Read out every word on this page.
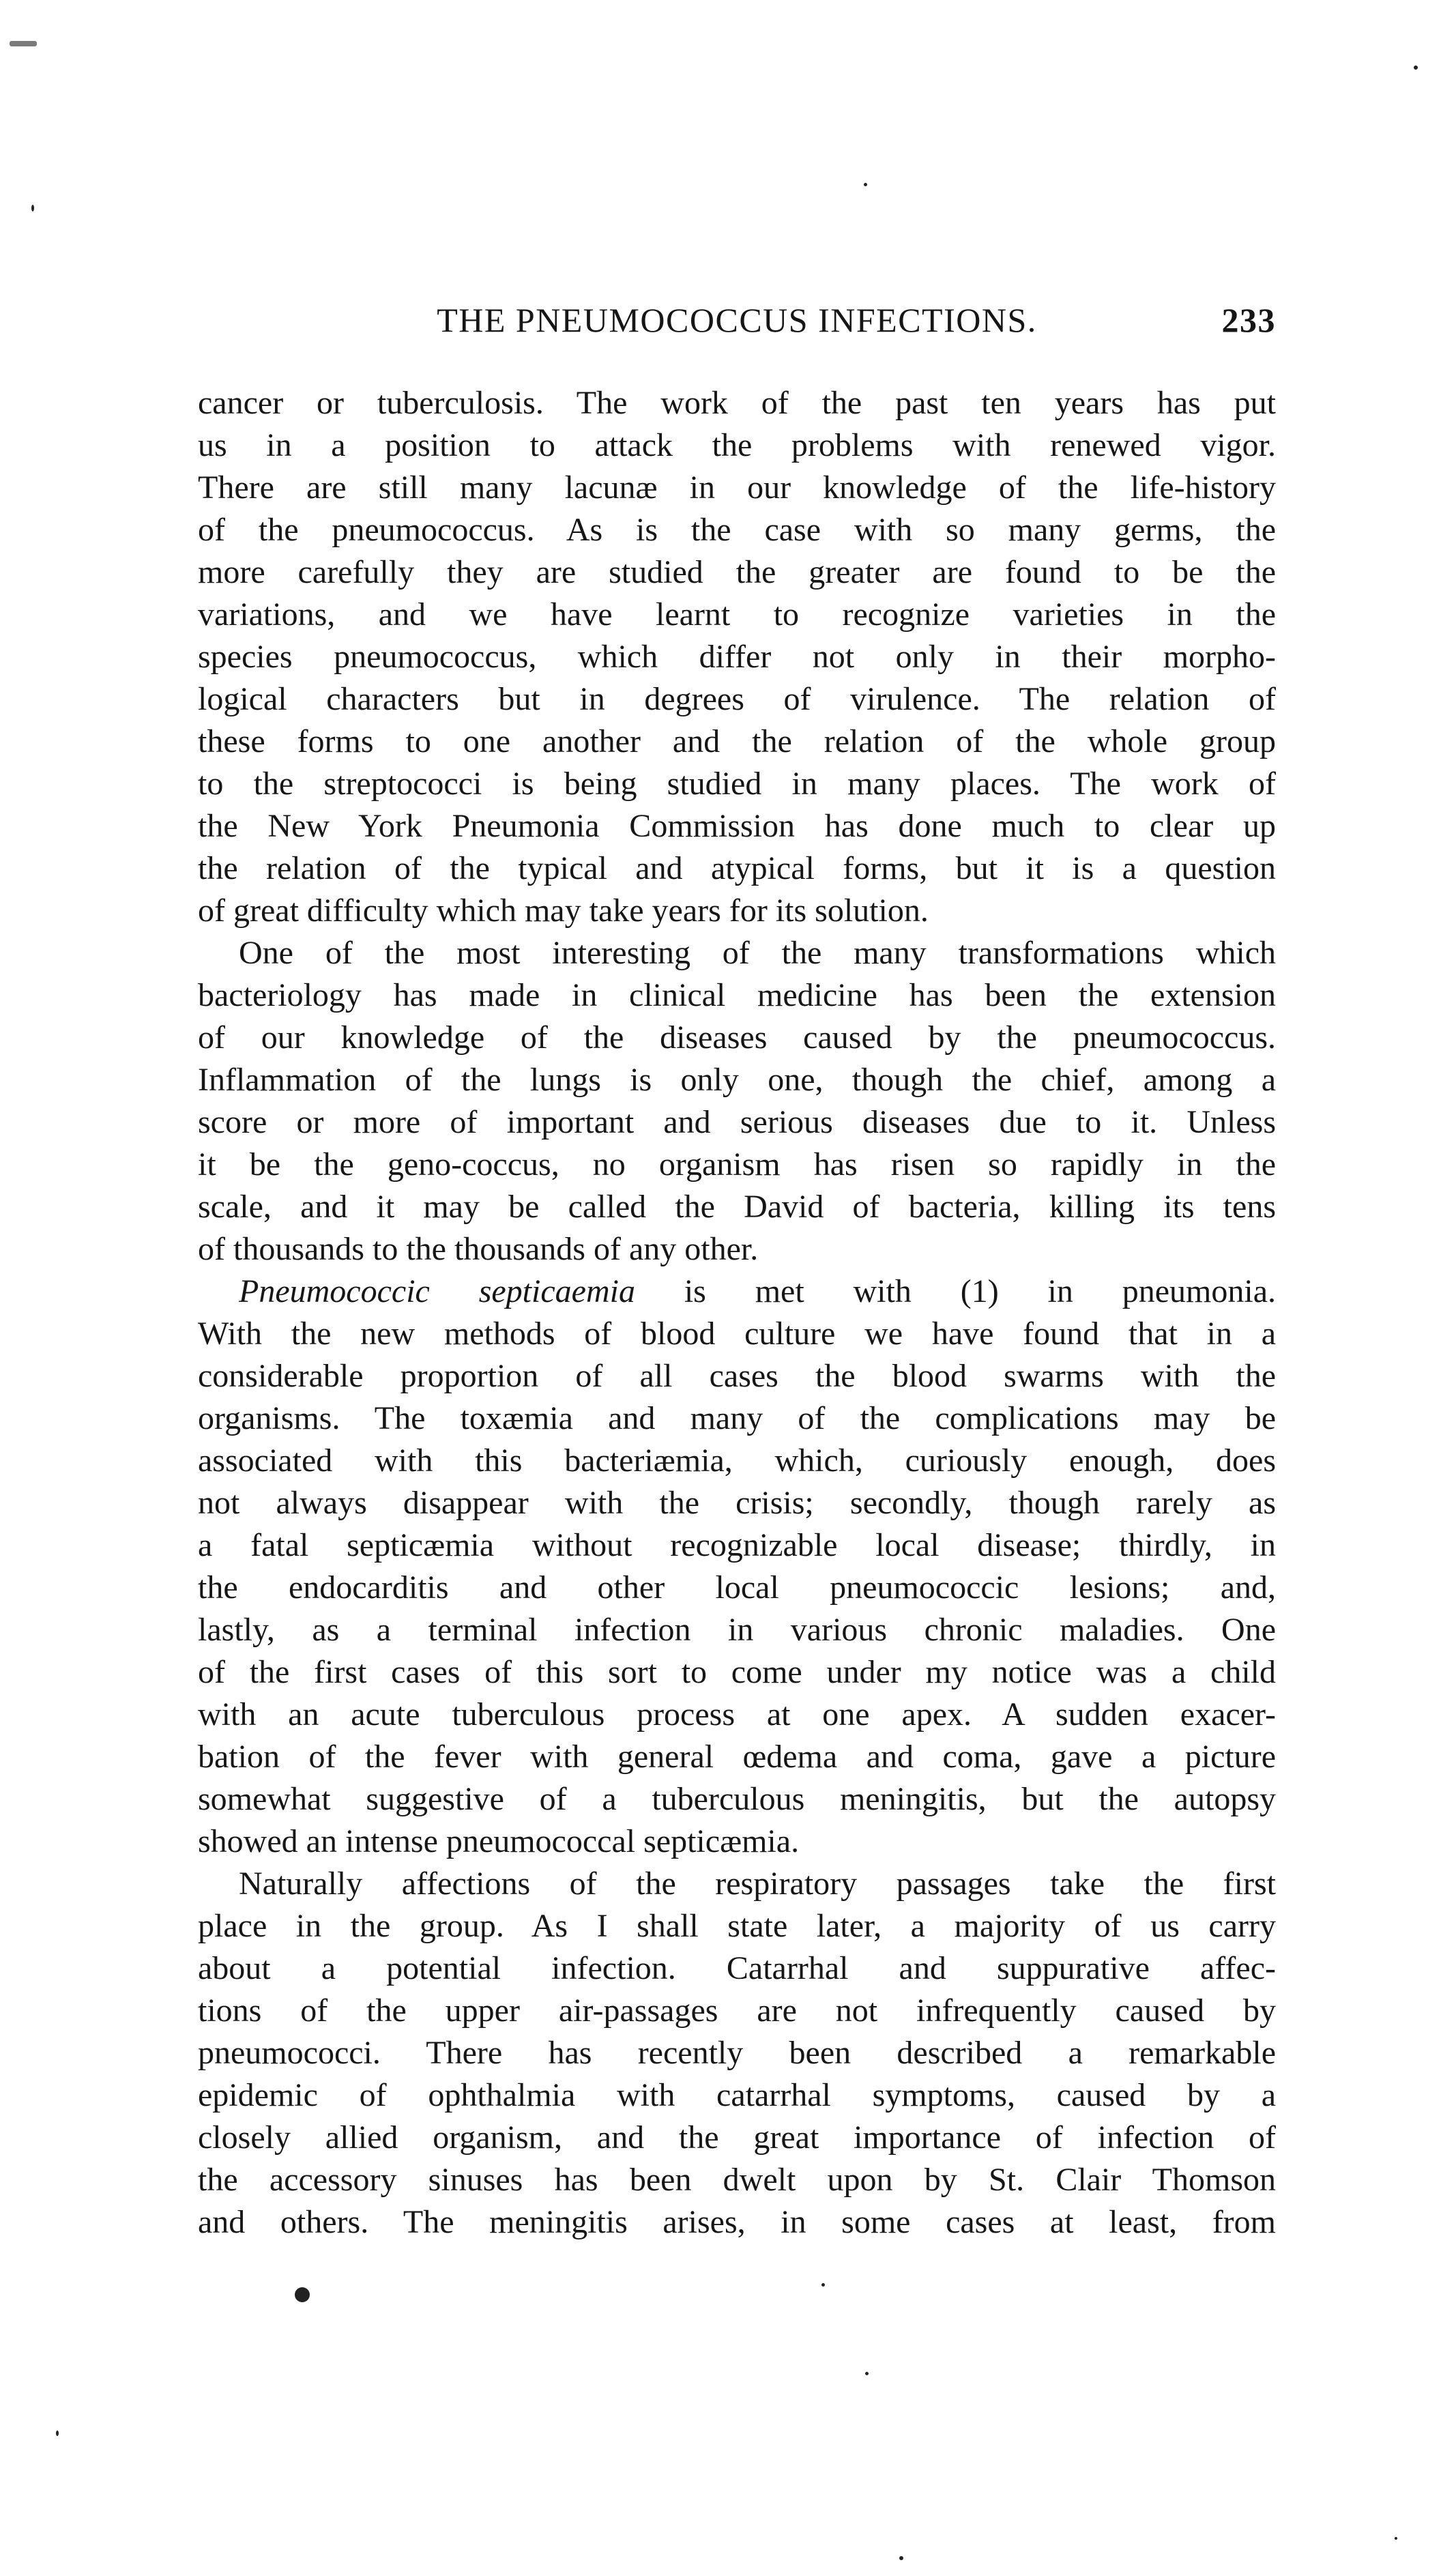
THE PNEUMOCOCCUS INFECTIONS.	233
cancer or tuberculosis. The work of the past ten years has put
us in a position to attack the problems with renewed vigor.
There are still many lacunæ in our knowledge of the life-history
of the pneumococcus. As is the case with so many germs, the
more carefully they are studied the greater are found to be the
variations, and we have learnt to recognize varieties in the
species pneumococcus, which differ not only in their morpho-
logical characters but in degrees of virulence. The relation of
these forms to one another and the relation of the whole group
to the streptococci is being studied in many places. The work of
the New York Pneumonia Commission has done much to clear up
the relation of the typical and atypical forms, but it is a question
of great difficulty which may take years for its solution.
One of the most interesting of the many transformations which
bacteriology has made in clinical medicine has been the extension
of our knowledge of the diseases caused by the pneumococcus.
Inflammation of the lungs is only one, though the chief, among a
score or more of important and serious diseases due to it. Unless
it be the geno-coccus, no organism has risen so rapidly in the
scale, and it may be called the David of bacteria, killing its tens
of thousands to the thousands of any other.
Pneumococcic septicaemia is met with (1) in pneumonia.
With the new methods of blood culture we have found that in a
considerable proportion of all cases the blood swarms with the
organisms. The toxæmia and many of the complications may be
associated with this bacteriæmia, which, curiously enough, does
not always disappear with the crisis; secondly, though rarely as
a fatal septicæmia without recognizable local disease; thirdly, in
the endocarditis and other local pneumococcic lesions; and,
lastly, as a terminal infection in various chronic maladies. One
of the first cases of this sort to come under my notice was a child
with an acute tuberculous process at one apex. A sudden exacer-
bation of the fever with general œdema and coma, gave a picture
somewhat suggestive of a tuberculous meningitis, but the autopsy
showed an intense pneumococcal septicæmia.
Naturally affections of the respiratory passages take the first
place in the group. As I shall state later, a majority of us carry
about a potential infection. Catarrhal and suppurative affec-
tions of the upper air-passages are not infrequently caused by
pneumococci. There has recently been described a remarkable
epidemic of ophthalmia with catarrhal symptoms, caused by a
closely allied organism, and the great importance of infection of
the accessory sinuses has been dwelt upon by St. Clair Thomson
and others. The meningitis arises, in some cases at least, from
